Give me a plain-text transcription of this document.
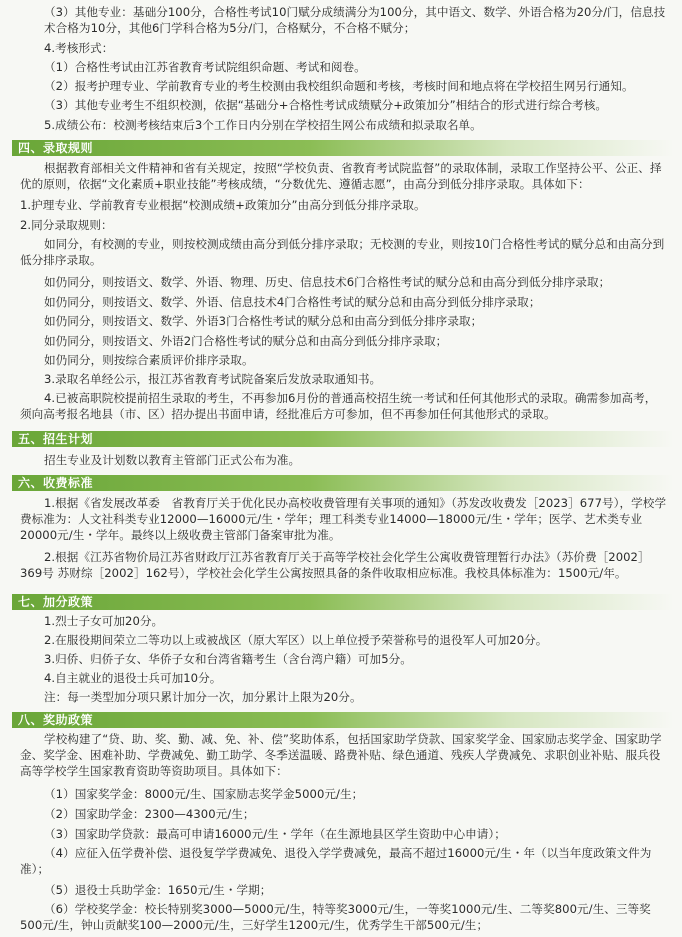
（3）其他专业：基础分100分，合格性考试10门赋分成绩满分为100分，其中语文、数学、外语合格为20分/门，信息技术合格为10分，其他6门学科合格为5分/门，合格赋分，不合格不赋分；
4.考核形式：
（1）合格性考试由江苏省教育考试院组织命题、考试和阅卷。
（2）报考护理专业、学前教育专业的考生校测由我校组织命题和考核，考核时间和地点将在学校招生网另行通知。
（3）其他专业考生不组织校测，依据“基础分+合格性考试成绩赋分+政策加分”相结合的形式进行综合考核。
5.成绩公布：校测考核结束后3个工作日内分别在学校招生网公布成绩和拟录取名单。
四、录取规则
根据教育部相关文件精神和省有关规定，按照“学校负责、省教育考试院监督”的录取体制，录取工作坚持公平、公正、择优的原则，依据“文化素质+职业技能”考核成绩，“分数优先、遵循志愿”，由高分到低分排序录取。具体如下：
1.护理专业、学前教育专业根据“校测成绩+政策加分”由高分到低分排序录取。
2.同分录取规则：
如同分，有校测的专业，则按校测成绩由高分到低分排序录取；无校测的专业，则按10门合格性考试的赋分总和由高分到低分排序录取。
如仍同分，则按语文、数学、外语、物理、历史、信息技术6门合格性考试的赋分总和由高分到低分排序录取；
如仍同分，则按语文、数学、外语、信息技术4门合格性考试的赋分总和由高分到低分排序录取；
如仍同分，则按语文、数学、外语3门合格性考试的赋分总和由高分到低分排序录取；
如仍同分，则按语文、外语2门合格性考试的赋分总和由高分到低分排序录取；
如仍同分，则按综合素质评价排序录取。
3.录取名单经公示，报江苏省教育考试院备案后发放录取通知书。
4.已被高职院校提前招生录取的考生，不再参加6月份的普通高校招生统一考试和任何其他形式的录取。确需参加高考，须向高考报名地县（市、区）招办提出书面申请，经批准后方可参加，但不再参加任何其他形式的录取。
五、招生计划
招生专业及计划数以教育主管部门正式公布为准。
六、收费标准
1.根据《省发展改革委　省教育厅关于优化民办高校收费管理有关事项的通知》（苏发改收费发［2023］677号），学校学费标准为：人文社科类专业12000—16000元/生・学年；理工科类专业14000—18000元/生・学年；医学、艺术类专业20000元/生・学年。最终以上级收费主管部门备案审批为准。
2.根据《江苏省物价局江苏省财政厅江苏省教育厅关于高等学校社会化学生公寓收费管理暂行办法》（苏价费［2002］369号 苏财综［2002］162号），学校社会化学生公寓按照具备的条件收取相应标准。我校具体标准为：1500元/年。
七、加分政策
1.烈士子女可加20分。
2.在服役期间荣立二等功以上或被战区（原大军区）以上单位授予荣誉称号的退役军人可加20分。
3.归侨、归侨子女、华侨子女和台湾省籍考生（含台湾户籍）可加5分。
4.自主就业的退役士兵可加10分。
注：每一类型加分项只累计加分一次，加分累计上限为20分。
八、奖助政策
学校构建了“贷、助、奖、勤、减、免、补、偿”奖助体系，包括国家助学贷款、国家奖学金、国家励志奖学金、国家助学金、奖学金、困难补助、学费减免、勤工助学、冬季送温暖、路费补贴、绿色通道、残疾人学费减免、求职创业补贴、服兵役高等学校学生国家教育资助等资助项目。具体如下：
（1）国家奖学金：8000元/生、国家励志奖学金5000元/生；
（2）国家助学金：2300—4300元/生；
（3）国家助学贷款：最高可申请16000元/生・学年（在生源地县区学生资助中心申请）；
（4）应征入伍学费补偿、退役复学学费减免、退役入学学费减免，最高不超过16000元/生・年（以当年度政策文件为准）；
（5）退役士兵助学金：1650元/生・学期；
（6）学校奖学金：校长特别奖3000—5000元/生，特等奖3000元/生，一等奖1000元/生、二等奖800元/生、三等奖500元/生，钟山贡献奖100—2000元/生，三好学生1200元/生，优秀学生干部500元/生；
